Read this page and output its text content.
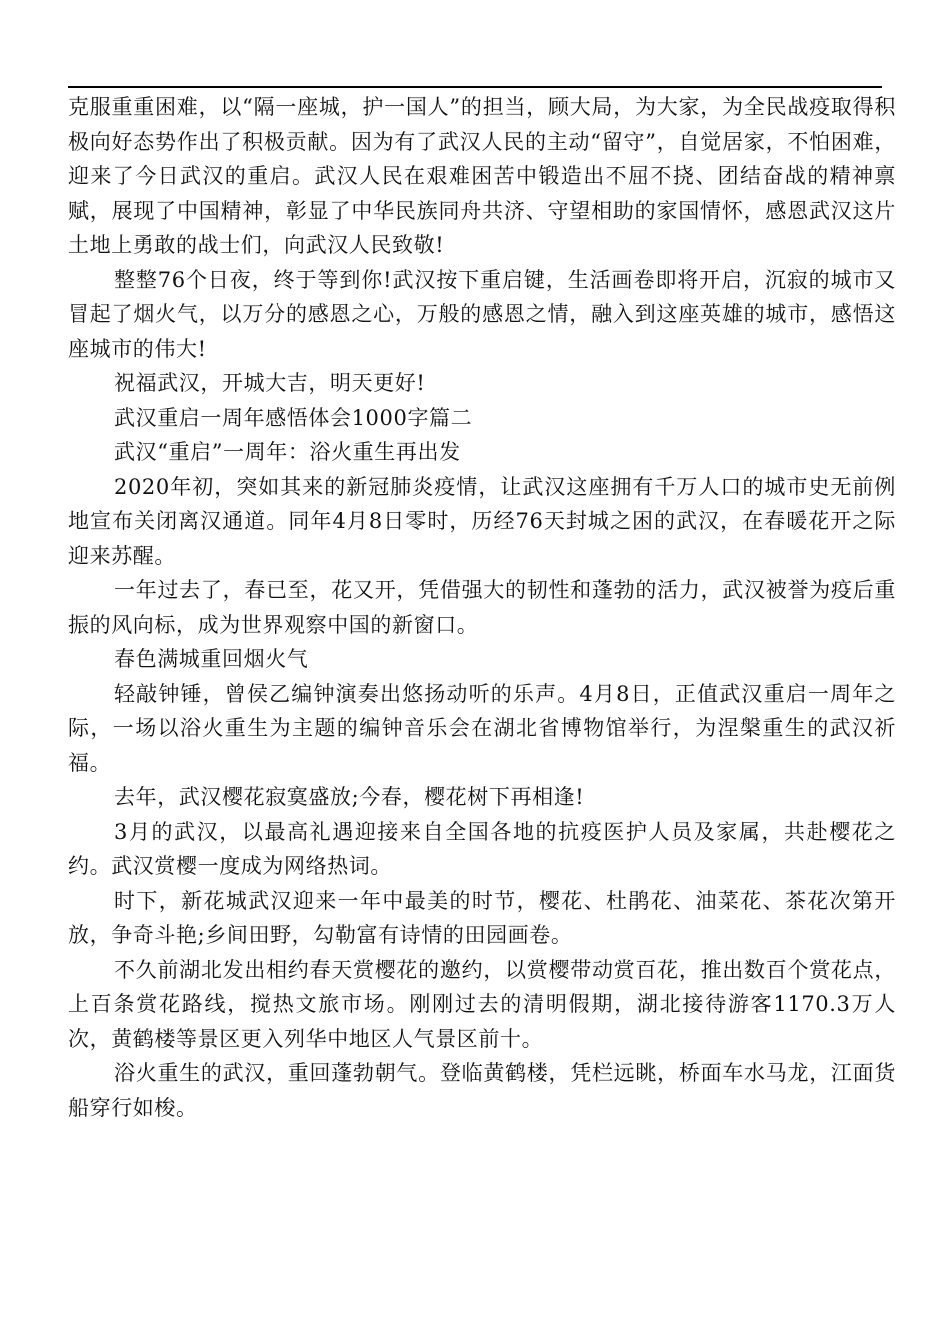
克服重重困难，以“隔一座城，护一国人”的担当，顾大局，为大家，为全民战疫取得积极向好态势作出了积极贡献。因为有了武汉人民的主动“留守”，自觉居家，不怕困难，迎来了今日武汉的重启。武汉人民在艰难困苦中锻造出不屈不挠、团结奋战的精神禀赋，展现了中国精神，彰显了中华民族同舟共济、守望相助的家国情怀，感恩武汉这片土地上勇敢的战士们，向武汉人民致敬!

整整76个日夜，终于等到你!武汉按下重启键，生活画卷即将开启，沉寂的城市又冒起了烟火气，以万分的感恩之心，万般的感恩之情，融入到这座英雄的城市，感悟这座城市的伟大!

祝福武汉，开城大吉，明天更好!

武汉重启一周年感悟体会1000字篇二

武汉“重启”一周年：浴火重生再出发

2020年初，突如其来的新冠肺炎疫情，让武汉这座拥有千万人口的城市史无前例地宣布关闭离汉通道。同年4月8日零时，历经76天封城之困的武汉，在春暖花开之际迎来苏醒。

一年过去了，春已至，花又开，凭借强大的韧性和蓬勃的活力，武汉被誉为疫后重振的风向标，成为世界观察中国的新窗口。

春色满城重回烟火气

轻敲钟锤，曾侯乙编钟演奏出悠扬动听的乐声。4月8日，正值武汉重启一周年之际，一场以浴火重生为主题的编钟音乐会在湖北省博物馆举行，为涅槃重生的武汉祈福。

去年，武汉樱花寂寞盛放;今春，樱花树下再相逢!

3月的武汉，以最高礼遇迎接来自全国各地的抗疫医护人员及家属，共赴樱花之约。武汉赏樱一度成为网络热词。

时下，新花城武汉迎来一年中最美的时节，樱花、杜鹃花、油菜花、茶花次第开放，争奇斗艳;乡间田野，勾勒富有诗情的田园画卷。

不久前湖北发出相约春天赏樱花的邀约，以赏樱带动赏百花，推出数百个赏花点，上百条赏花路线，搅热文旅市场。刚刚过去的清明假期，湖北接待游客1170.3万人次，黄鹤楼等景区更入列华中地区人气景区前十。

浴火重生的武汉，重回蓬勃朝气。登临黄鹤楼，凭栏远眺，桥面车水马龙，江面货船穿行如梭。
